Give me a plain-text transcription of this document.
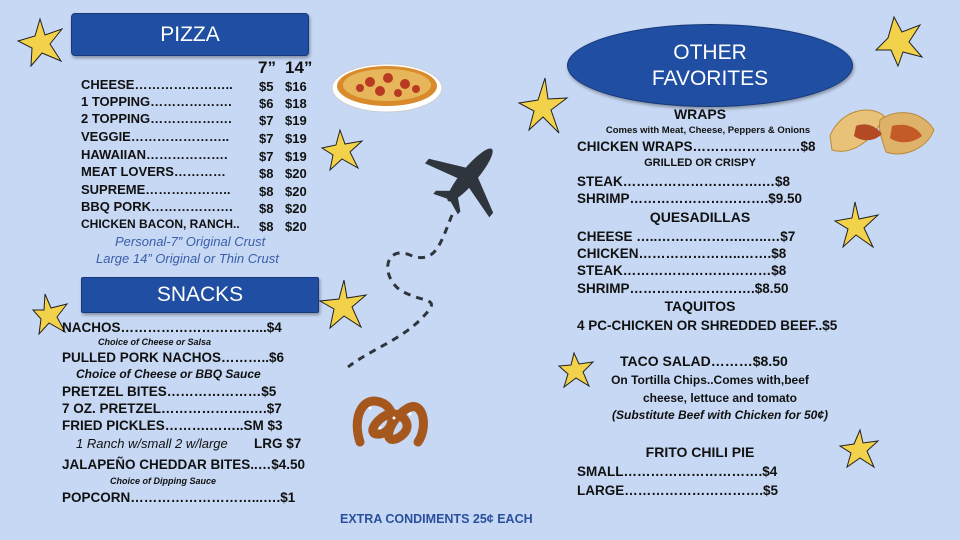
PIZZA
7” 14”
CHEESE………………….. $5 $16
1 TOPPING………………. $6 $18
2 TOPPING………………. $7 $19
VEGGIE………………….. $7 $19
HAWAIIAN………………. $7 $19
MEAT LOVERS…………	$8 $20
SUPREME……………….. $8 $20
BBQ PORK………………. $8 $20
CHICKEN BACON, RANCH.. $8 $20
Personal-7” Original Crust
Large 14” Original or Thin Crust
SNACKS
NACHOS…………………………...$4
Choice of Cheese or Salsa
PULLED PORK NACHOS………..$6
Choice of Cheese or BBQ Sauce
PRETZEL BITES…………………$5
7 OZ. PRETZEL………………..….$7
FRIED PICKLES……….……..SM $3
1 Ranch w/small 2 w/large LRG $7
JALAPEÑO CHEDDAR BITES..…$4.50
Choice of Dipping Sauce
POPCORN………………………...….$1
OTHER
FAVORITES
WRAPS
Comes with Meat, Cheese, Peppers & Onions
CHICKEN WRAPS……………………$8
GRILLED OR CRISPY
STEAK………………………….…$8
SHRIMP………………………….$9.50
QUESADILLAS
CHEESE …..………………..…..…$7
CHICKEN…………………..…….$8
STEAK……………………………$8
SHRIMP……………………….$8.50
TAQUITOS
4 PC-CHICKEN OR SHREDDED BEEF..$5
TACO SALAD………$8.50
On Tortilla Chips..Comes with,beef
cheese, lettuce and tomato
(Substitute Beef with Chicken for 50¢)
FRITO CHILI PIE
SMALL………………………….$4
LARGE………………………….$5
EXTRA CONDIMENTS 25¢ EACH
